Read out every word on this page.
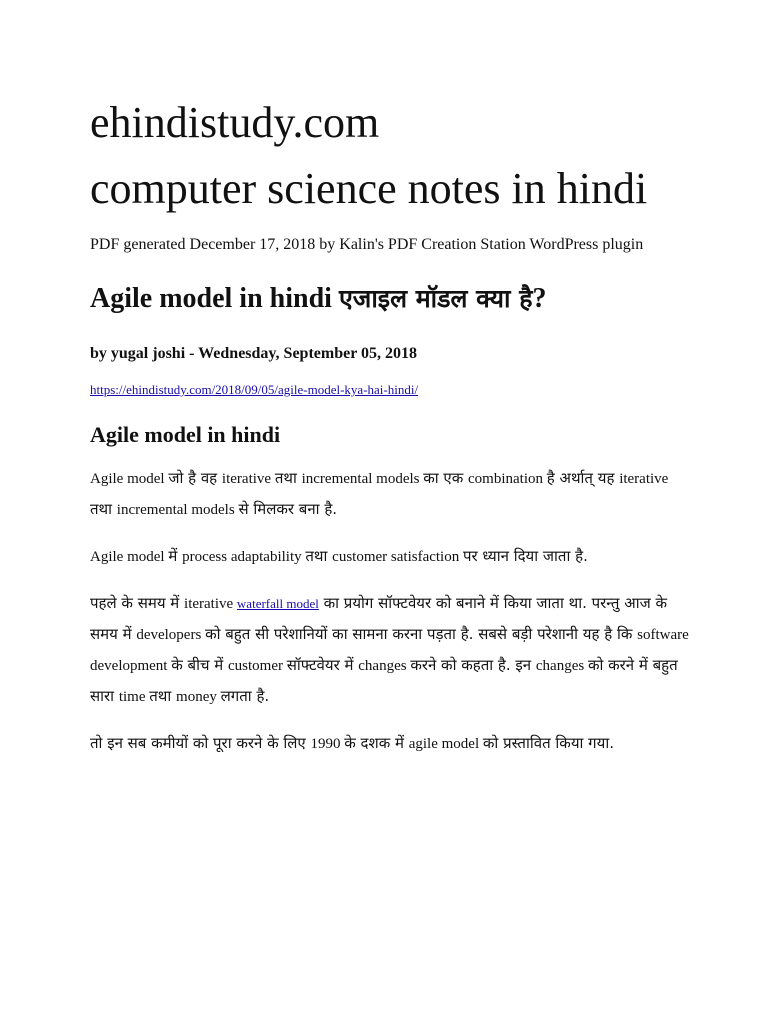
ehindistudy.com
computer science notes in hindi

PDF generated December 17, 2018 by Kalin's PDF Creation Station WordPress plugin

Agile model in hindi एजाइल मॉडल क्या है?

by yugal joshi - Wednesday, September 05, 2018

https://ehindistudy.com/2018/09/05/agile-model-kya-hai-hindi/
Agile model in hindi

Agile model जो है वह iterative तथा incremental models का एक combination है अर्थात् यह iterative तथा incremental models से मिलकर बना है.

Agile model में process adaptability तथा customer satisfaction पर ध्यान दिया जाता है.

पहले के समय में iterative waterfall model का प्रयोग सॉफ्टवेयर को बनाने में किया जाता था. परन्तु आज के समय में developers को बहुत सी परेशानियों का सामना करना पड़ता है. सबसे बड़ी परेशानी यह है कि software development के बीच में customer सॉफ्टवेयर में changes करने को कहता है. इन changes को करने में बहुत सारा time तथा money लगता है.

तो इन सब कमीयों को पूरा करने के लिए 1990 के दशक में agile model को प्रस्तावित किया गया.
